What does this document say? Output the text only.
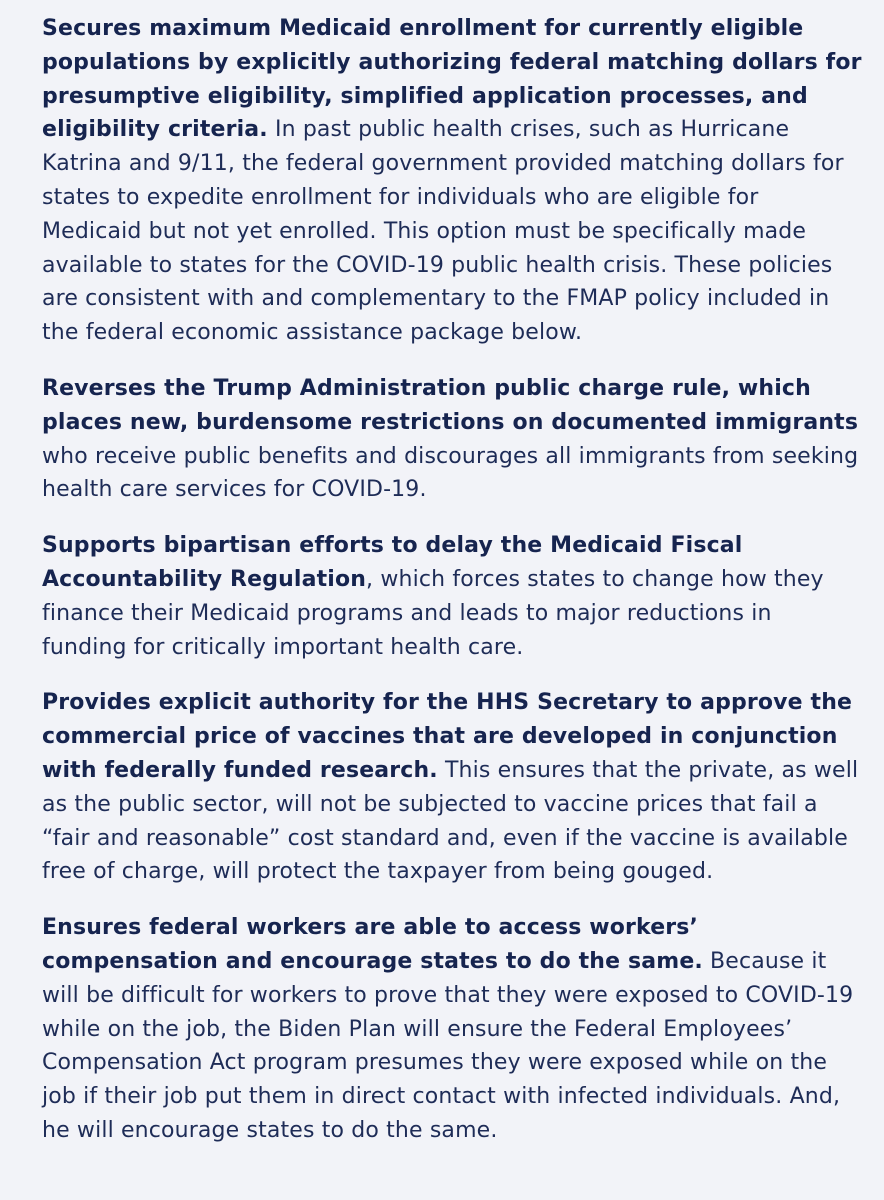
Secures maximum Medicaid enrollment for currently eligible populations by explicitly authorizing federal matching dollars for presumptive eligibility, simplified application processes, and eligibility criteria. In past public health crises, such as Hurricane Katrina and 9/11, the federal government provided matching dollars for states to expedite enrollment for individuals who are eligible for Medicaid but not yet enrolled. This option must be specifically made available to states for the COVID-19 public health crisis. These policies are consistent with and complementary to the FMAP policy included in the federal economic assistance package below.

Reverses the Trump Administration public charge rule, which places new, burdensome restrictions on documented immigrants who receive public benefits and discourages all immigrants from seeking health care services for COVID-19.

Supports bipartisan efforts to delay the Medicaid Fiscal Accountability Regulation, which forces states to change how they finance their Medicaid programs and leads to major reductions in funding for critically important health care.

Provides explicit authority for the HHS Secretary to approve the commercial price of vaccines that are developed in conjunction with federally funded research. This ensures that the private, as well as the public sector, will not be subjected to vaccine prices that fail a “fair and reasonable” cost standard and, even if the vaccine is available free of charge, will protect the taxpayer from being gouged.

Ensures federal workers are able to access workers’ compensation and encourage states to do the same. Because it will be difficult for workers to prove that they were exposed to COVID-19 while on the job, the Biden Plan will ensure the Federal Employees’ Compensation Act program presumes they were exposed while on the job if their job put them in direct contact with infected individuals. And, he will encourage states to do the same.
